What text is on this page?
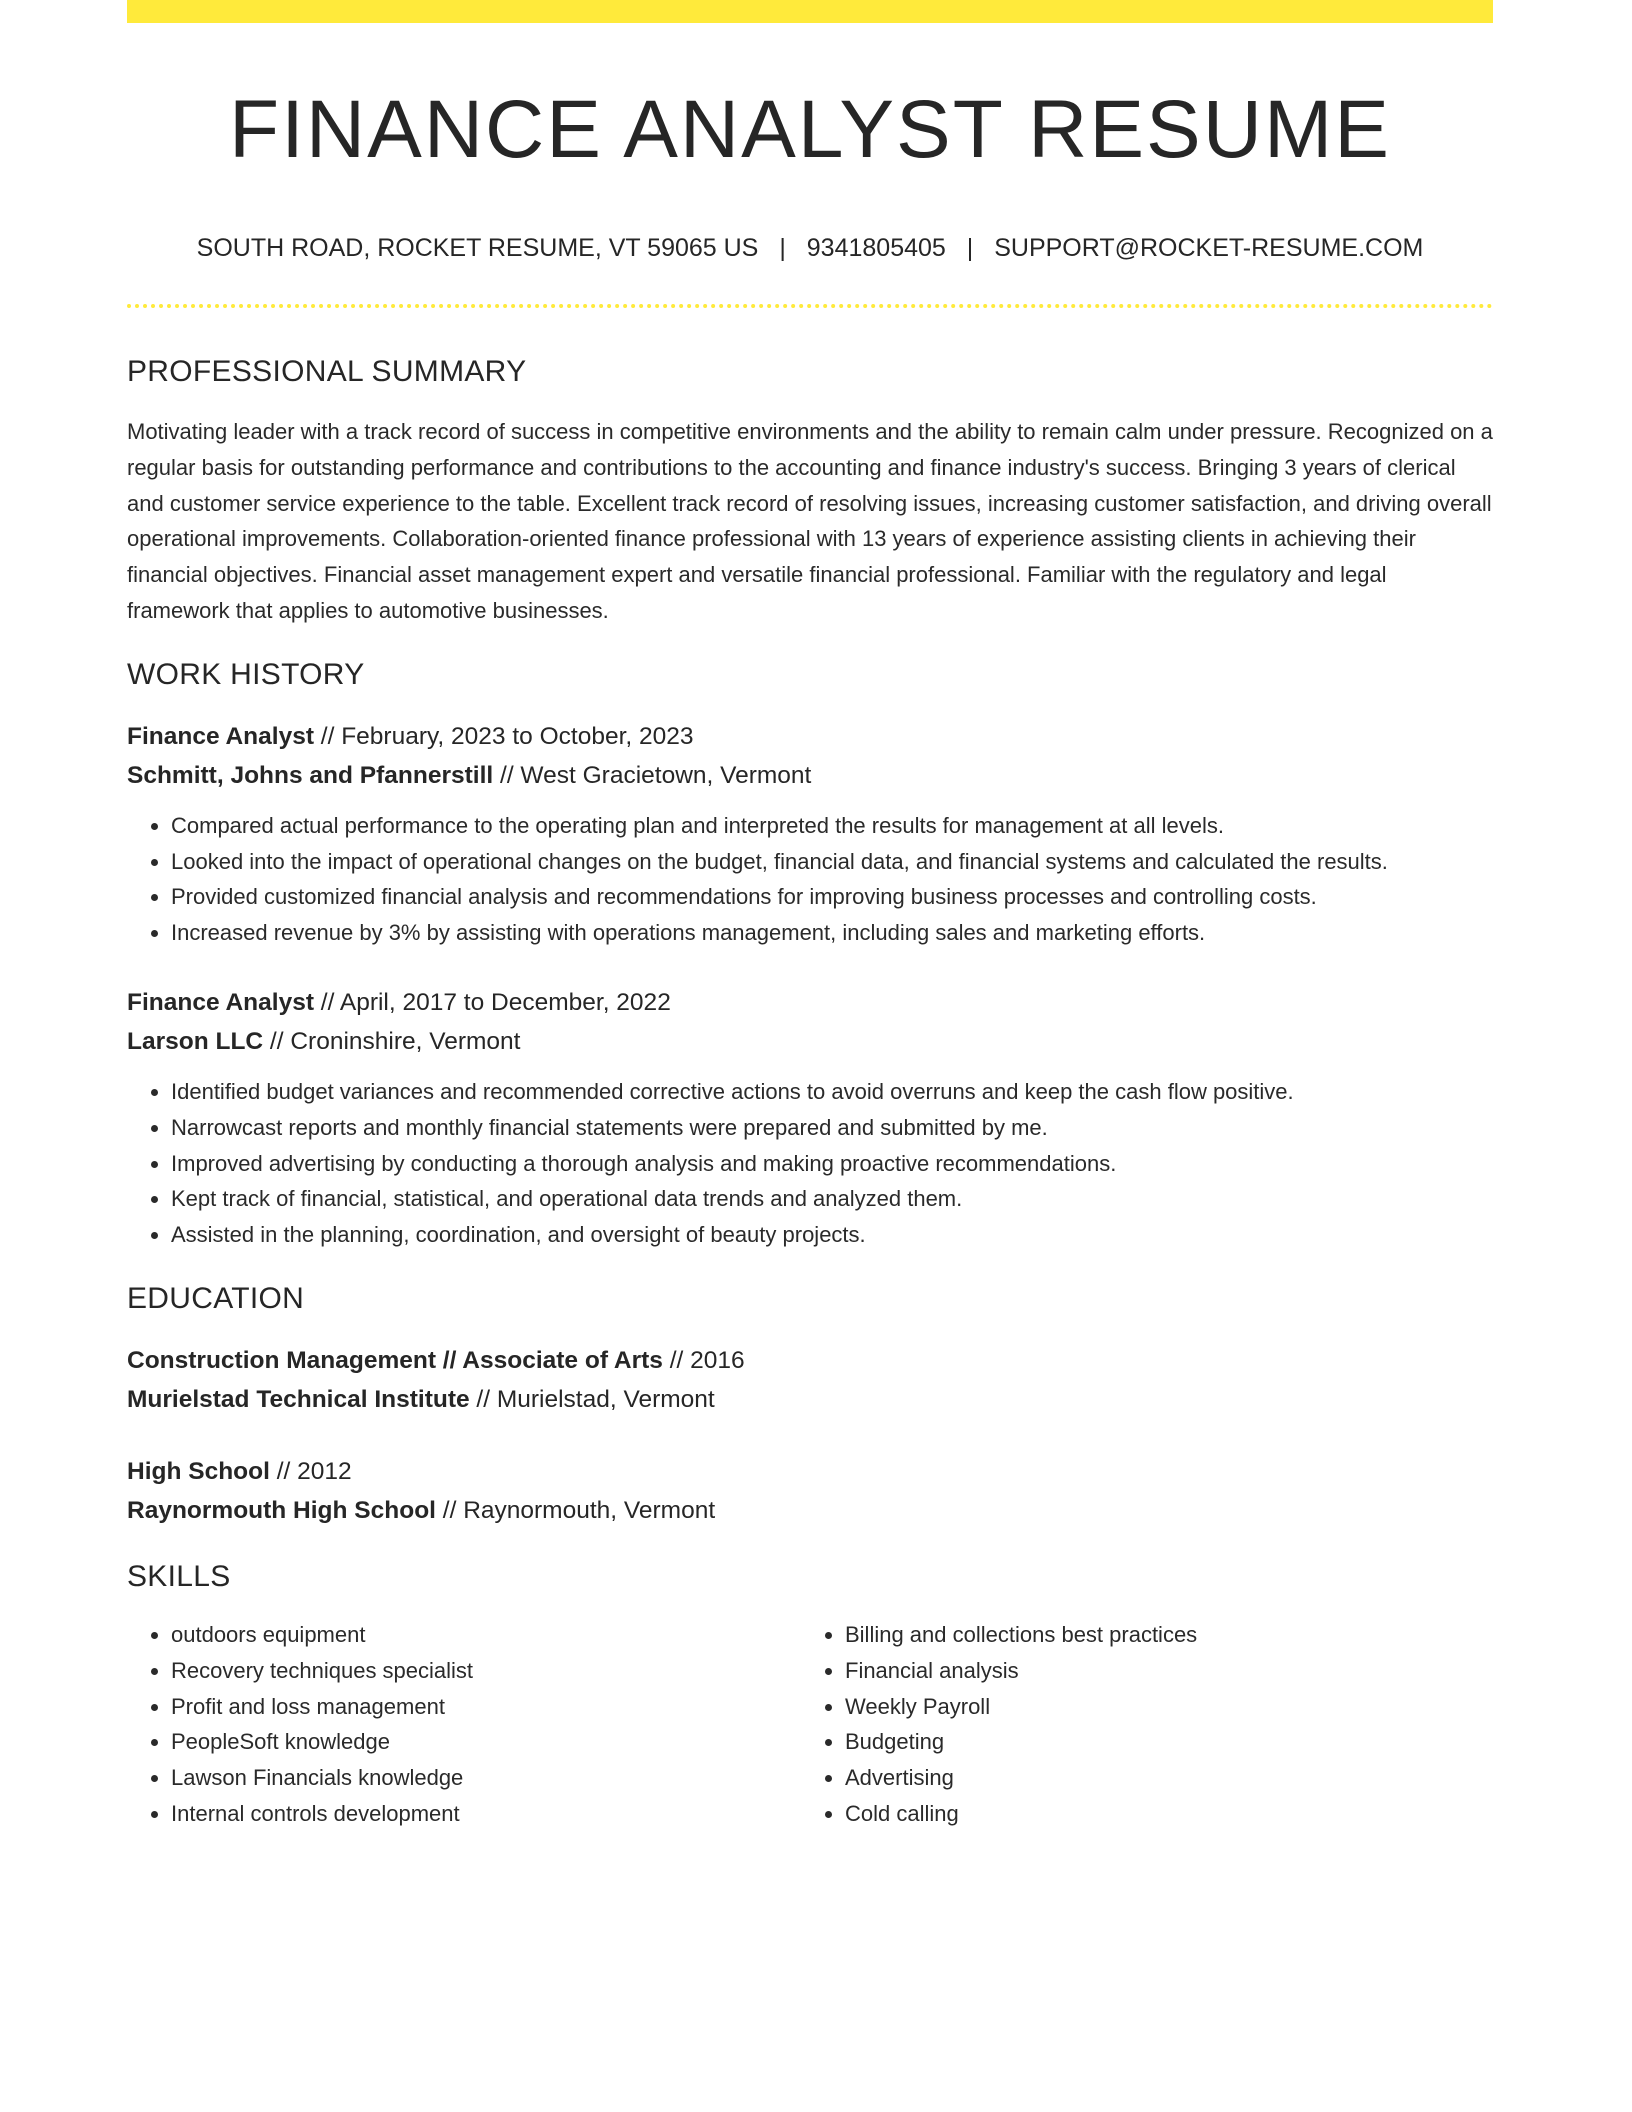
FINANCE ANALYST RESUME
SOUTH ROAD, ROCKET RESUME, VT 59065 US | 9341805405 | SUPPORT@ROCKET-RESUME.COM
PROFESSIONAL SUMMARY

Motivating leader with a track record of success in competitive environments and the ability to remain calm under pressure. Recognized on a regular basis for outstanding performance and contributions to the accounting and finance industry's success. Bringing 3 years of clerical and customer service experience to the table. Excellent track record of resolving issues, increasing customer satisfaction, and driving overall operational improvements. Collaboration-oriented finance professional with 13 years of experience assisting clients in achieving their financial objectives. Financial asset management expert and versatile financial professional. Familiar with the regulatory and legal framework that applies to automotive businesses.

WORK HISTORY
Finance Analyst // February, 2023 to October, 2023
Schmitt, Johns and Pfannerstill // West Gracietown, Vermont
• Compared actual performance to the operating plan and interpreted the results for management at all levels.
• Looked into the impact of operational changes on the budget, financial data, and financial systems and calculated the results.
• Provided customized financial analysis and recommendations for improving business processes and controlling costs.
• Increased revenue by 3% by assisting with operations management, including sales and marketing efforts.
Finance Analyst // April, 2017 to December, 2022
Larson LLC // Croninshire, Vermont
• Identified budget variances and recommended corrective actions to avoid overruns and keep the cash flow positive.
• Narrowcast reports and monthly financial statements were prepared and submitted by me.
• Improved advertising by conducting a thorough analysis and making proactive recommendations.
• Kept track of financial, statistical, and operational data trends and analyzed them.
• Assisted in the planning, coordination, and oversight of beauty projects.
EDUCATION
Construction Management // Associate of Arts // 2016
Murielstad Technical Institute // Murielstad, Vermont
High School // 2012
Raynormouth High School // Raynormouth, Vermont
SKILLS
• outdoors equipment
• Recovery techniques specialist
• Profit and loss management
• PeopleSoft knowledge
• Lawson Financials knowledge
• Internal controls development
• Billing and collections best practices
• Financial analysis
• Weekly Payroll
• Budgeting
• Advertising
• Cold calling
